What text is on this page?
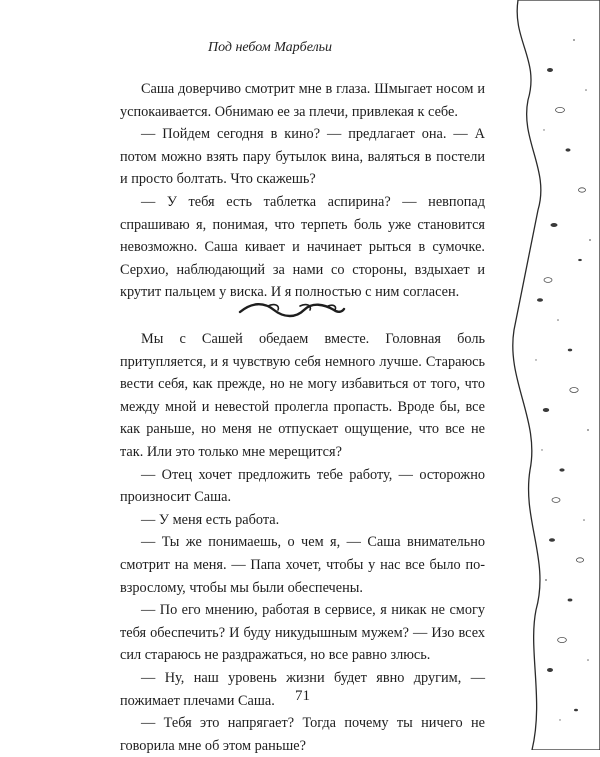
Под небом Марбельи

Саша доверчиво смотрит мне в глаза. Шмыгает носом и успокаивается. Обнимаю ее за плечи, привлекая к себе.

— Пойдем сегодня в кино? — предлагает она. — А потом можно взять пару бутылок вина, валяться в постели и просто болтать. Что скажешь?

— У тебя есть таблетка аспирина? — невпопад спрашиваю я, понимая, что терпеть боль уже становится невозможно. Саша кивает и начинает рыться в сумочке. Серхио, наблюдающий за нами со стороны, вздыхает и крутит пальцем у виска. И я полностью с ним согласен.

Мы с Сашей обедаем вместе. Головная боль притупляется, и я чувствую себя немного лучше. Стараюсь вести себя, как прежде, но не могу избавиться от того, что между мной и невестой пролегла пропасть. Вроде бы, все как раньше, но меня не отпускает ощущение, что все не так. Или это только мне мерещится?

— Отец хочет предложить тебе работу, — осторожно произносит Саша.

— У меня есть работа.

— Ты же понимаешь, о чем я, — Саша внимательно смотрит на меня. — Папа хочет, чтобы у нас все было по-взрослому, чтобы мы были обеспечены.

— По его мнению, работая в сервисе, я никак не смогу тебя обеспечить? И буду никудышным мужем? — Изо всех сил стараюсь не раздражаться, но все равно злюсь.

— Ну, наш уровень жизни будет явно другим, — пожимает плечами Саша.

— Тебя это напрягает? Тогда почему ты ничего не говорила мне об этом раньше?

71
